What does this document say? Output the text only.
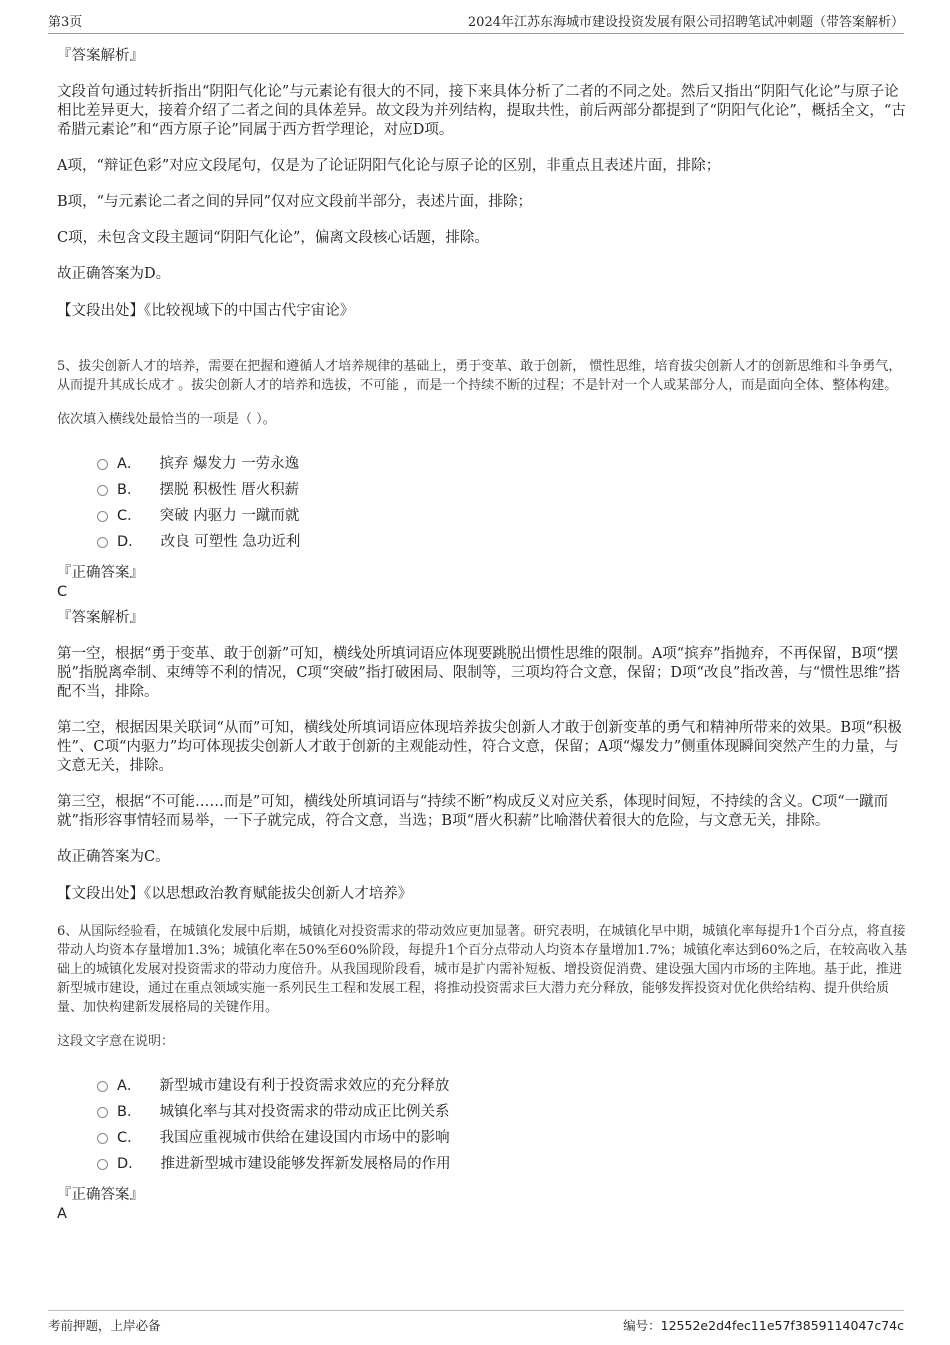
第3页	2024年江苏东海城市建设投资发展有限公司招聘笔试冲刺题（带答案解析）
『答案解析』

文段首句通过转折指出“阴阳气化论”与元素论有很大的不同，接下来具体分析了二者的不同之处。然后又指出“阴阳气化论”与原子论相比差异更大，接着介绍了二者之间的具体差异。故文段为并列结构，提取共性，前后两部分都提到了“阴阳气化论”，概括全文，“古希腊元素论”和“西方原子论”同属于西方哲学理论，对应D项。

A项，“辩证色彩”对应文段尾句，仅是为了论证阴阳气化论与原子论的区别，非重点且表述片面，排除；

B项，“与元素论二者之间的异同”仅对应文段前半部分，表述片面，排除；

C项，未包含文段主题词“阴阳气化论”，偏离文段核心话题，排除。

故正确答案为D。

【文段出处】《比较视域下的中国古代宇宙论》

5、拔尖创新人才的培养，需要在把握和遵循人才培养规律的基础上，勇于变革、敢于创新， 惯性思维，培育拔尖创新人才的创新思维和斗争勇气，从而提升其成长成才 。拔尖创新人才的培养和选拔，不可能 ，而是一个持续不断的过程；不是针对一个人或某部分人，而是面向全体、整体构建。

依次填入横线处最恰当的一项是（ ）。

A． 摈弃 爆发力 一劳永逸
B． 摆脱 积极性 厝火积薪
C． 突破 内驱力 一蹴而就
D． 改良 可塑性 急功近利
『正确答案』
C
『答案解析』

第一空，根据“勇于变革、敢于创新”可知，横线处所填词语应体现要跳脱出惯性思维的限制。A项“摈弃”指抛弃，不再保留，B项“摆脱”指脱离牵制、束缚等不利的情况，C项“突破”指打破困局、限制等，三项均符合文意，保留；D项“改良”指改善，与“惯性思维”搭配不当，排除。

第二空，根据因果关联词“从而”可知，横线处所填词语应体现培养拔尖创新人才敢于创新变革的勇气和精神所带来的效果。B项“积极性”、C项“内驱力”均可体现拔尖创新人才敢于创新的主观能动性，符合文意，保留；A项“爆发力”侧重体现瞬间突然产生的力量，与文意无关，排除。

第三空，根据“不可能……而是”可知，横线处所填词语与“持续不断”构成反义对应关系，体现时间短，不持续的含义。C项“一蹴而就”指形容事情轻而易举，一下子就完成，符合文意，当选；B项“厝火积薪”比喻潜伏着很大的危险，与文意无关，排除。

故正确答案为C。

【文段出处】《以思想政治教育赋能拔尖创新人才培养》

6、从国际经验看，在城镇化发展中后期，城镇化对投资需求的带动效应更加显著。研究表明，在城镇化早中期，城镇化率每提升1个百分点，将直接带动人均资本存量增加1.3%；城镇化率在50%至60%阶段，每提升1个百分点带动人均资本存量增加1.7%；城镇化率达到60%之后，在较高收入基础上的城镇化发展对投资需求的带动力度倍升。从我国现阶段看，城市是扩内需补短板、增投资促消费、建设强大国内市场的主阵地。基于此，推进新型城市建设，通过在重点领域实施一系列民生工程和发展工程，将推动投资需求巨大潜力充分释放，能够发挥投资对优化供给结构、提升供给质量、加快构建新发展格局的关键作用。

这段文字意在说明：

A． 新型城市建设有利于投资需求效应的充分释放
B． 城镇化率与其对投资需求的带动成正比例关系
C． 我国应重视城市供给在建设国内市场中的影响
D． 推进新型城市建设能够发挥新发展格局的作用
『正确答案』
A
考前押题，上岸必备	编号：12552e2d4fec11e57f3859114047c74c
